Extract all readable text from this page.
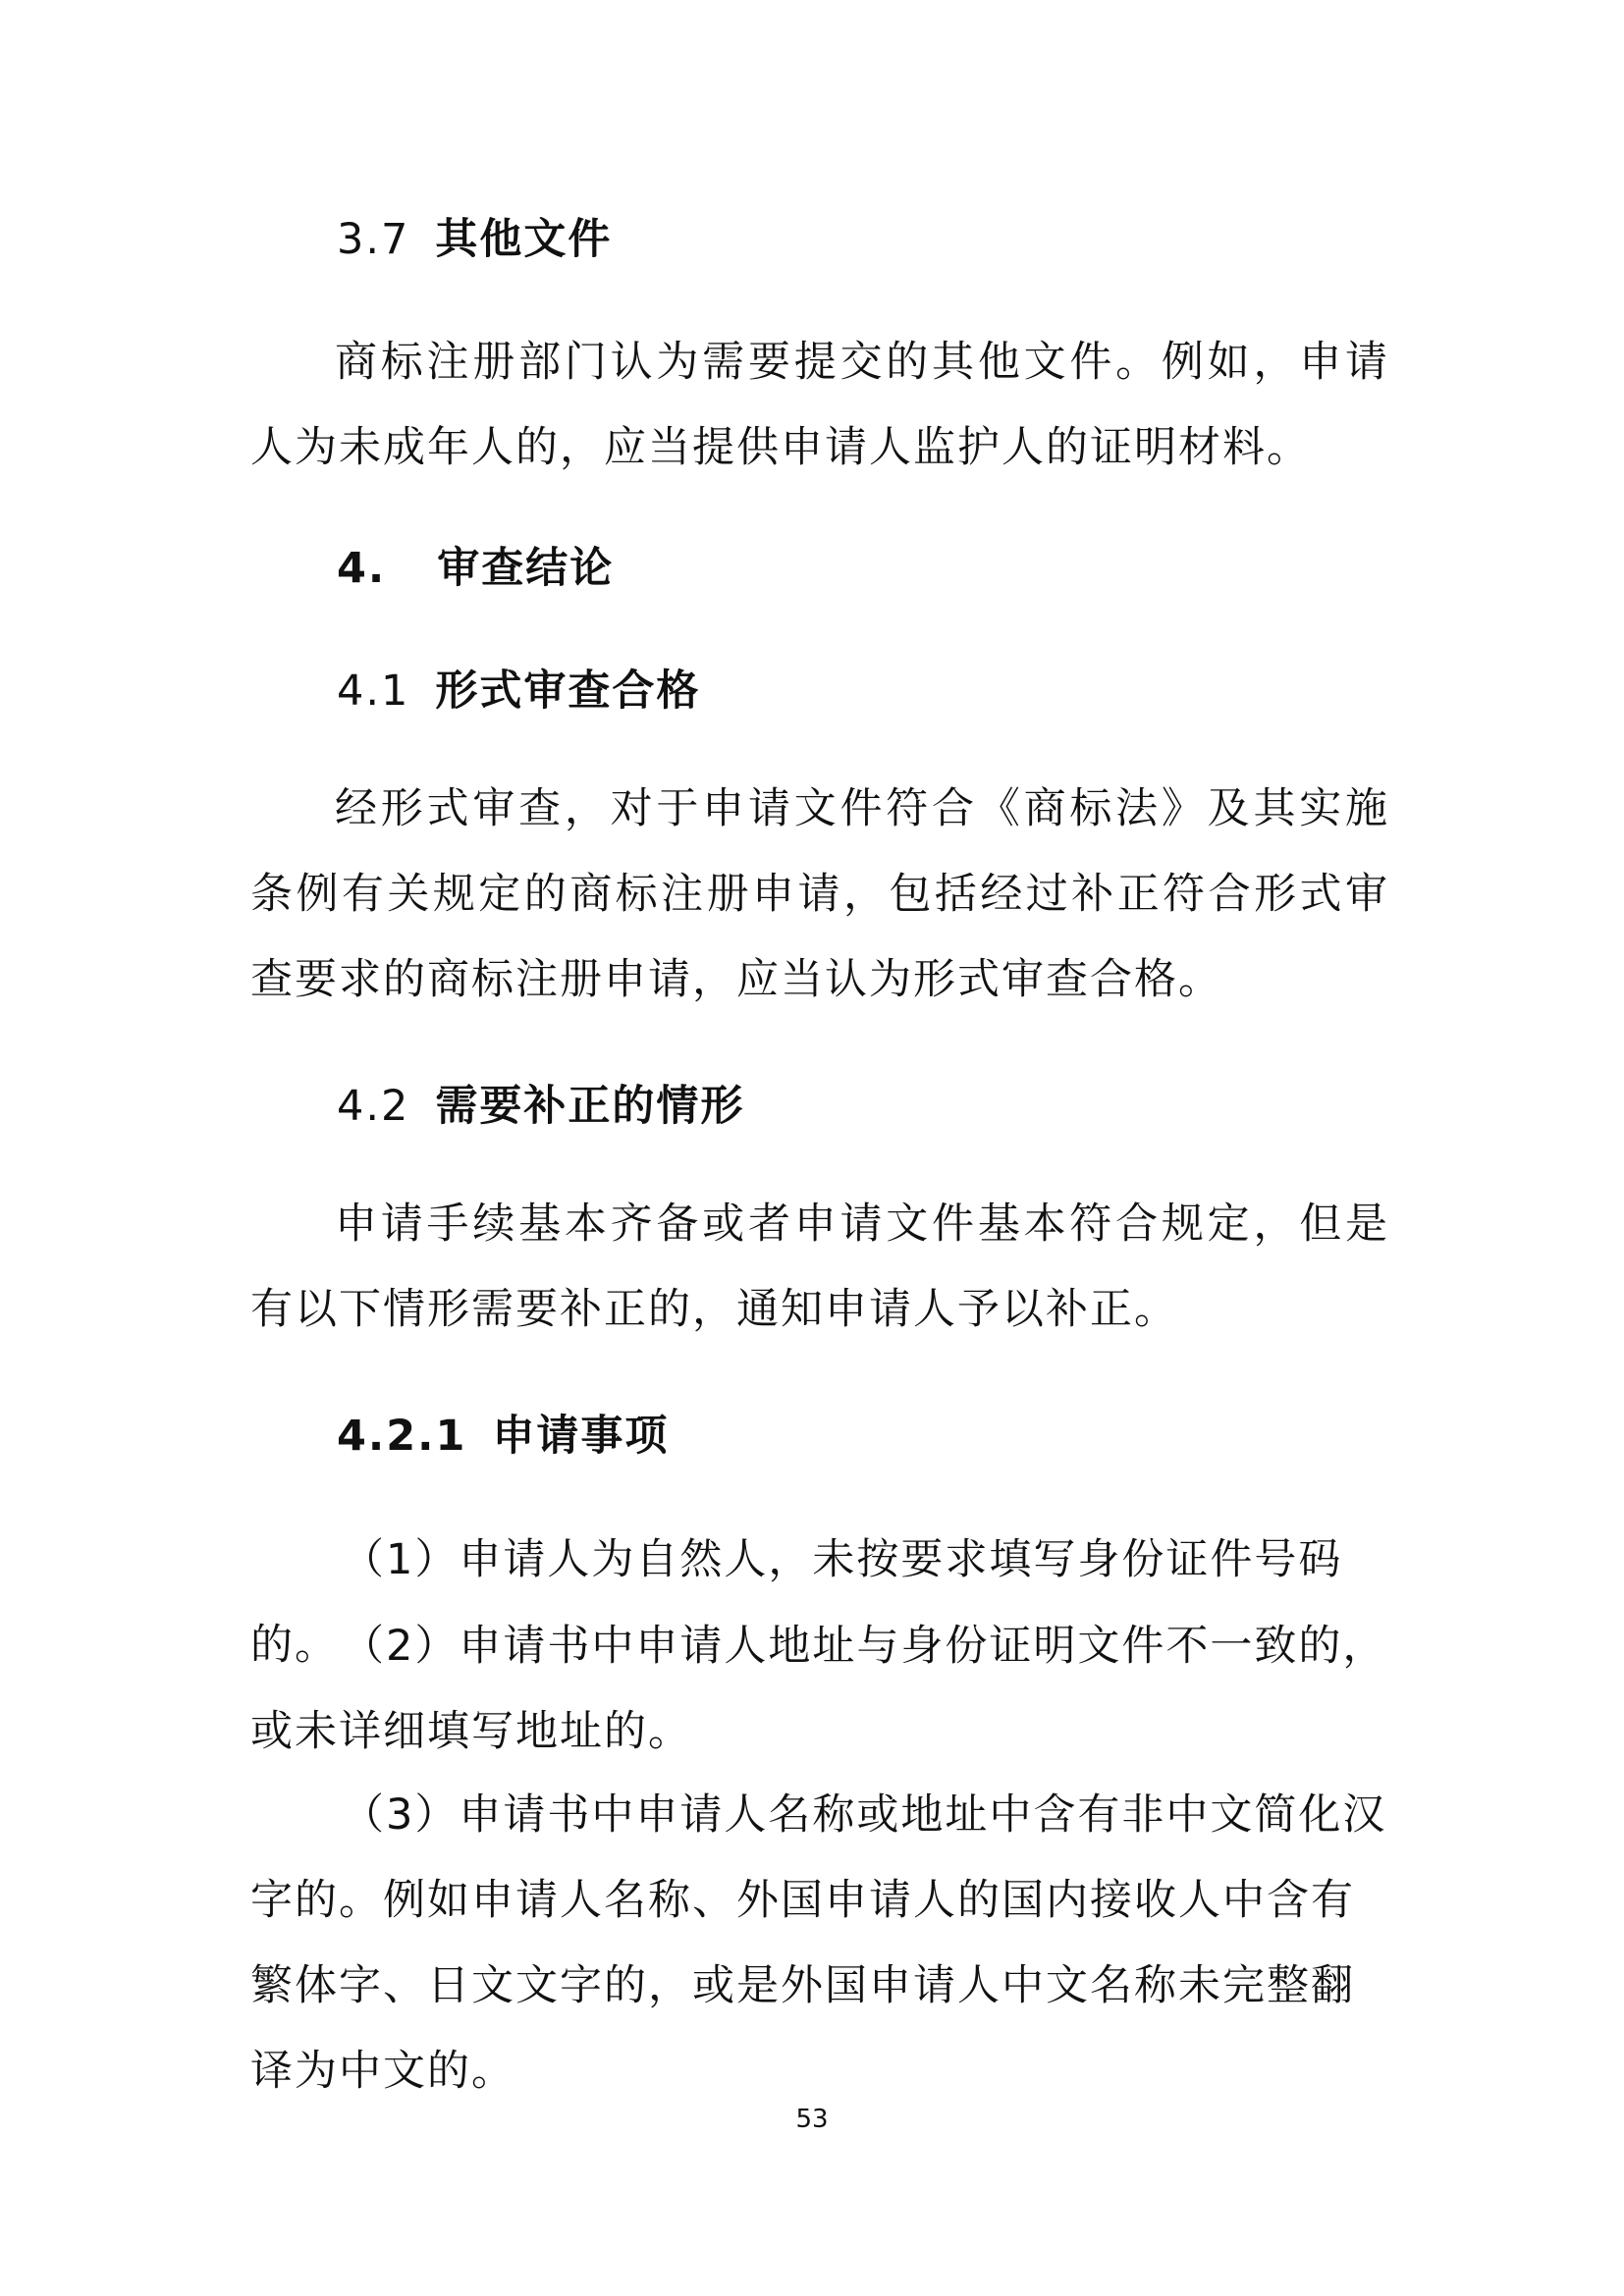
3.7 其他文件

商标注册部门认为需要提交的其他文件。例如，申请人为未成年人的，应当提供申请人监护人的证明材料。

4. 审查结论
4.1 形式审查合格

经形式审查，对于申请文件符合《商标法》及其实施条例有关规定的商标注册申请，包括经过补正符合形式审查要求的商标注册申请，应当认为形式审查合格。

4.2 需要补正的情形

申请手续基本齐备或者申请文件基本符合规定，但是有以下情形需要补正的，通知申请人予以补正。

4.2.1 申请事项

（1）申请人为自然人，未按要求填写身份证件号码的。 （2）申请书中申请人地址与身份证明文件不一致的，或未详细填写地址的。

（3）申请书中申请人名称或地址中含有非中文简化汉字的。例如申请人名称、外国申请人的国内接收人中含有繁体字、日文文字的，或是外国申请人中文名称未完整翻译为中文的。

53
